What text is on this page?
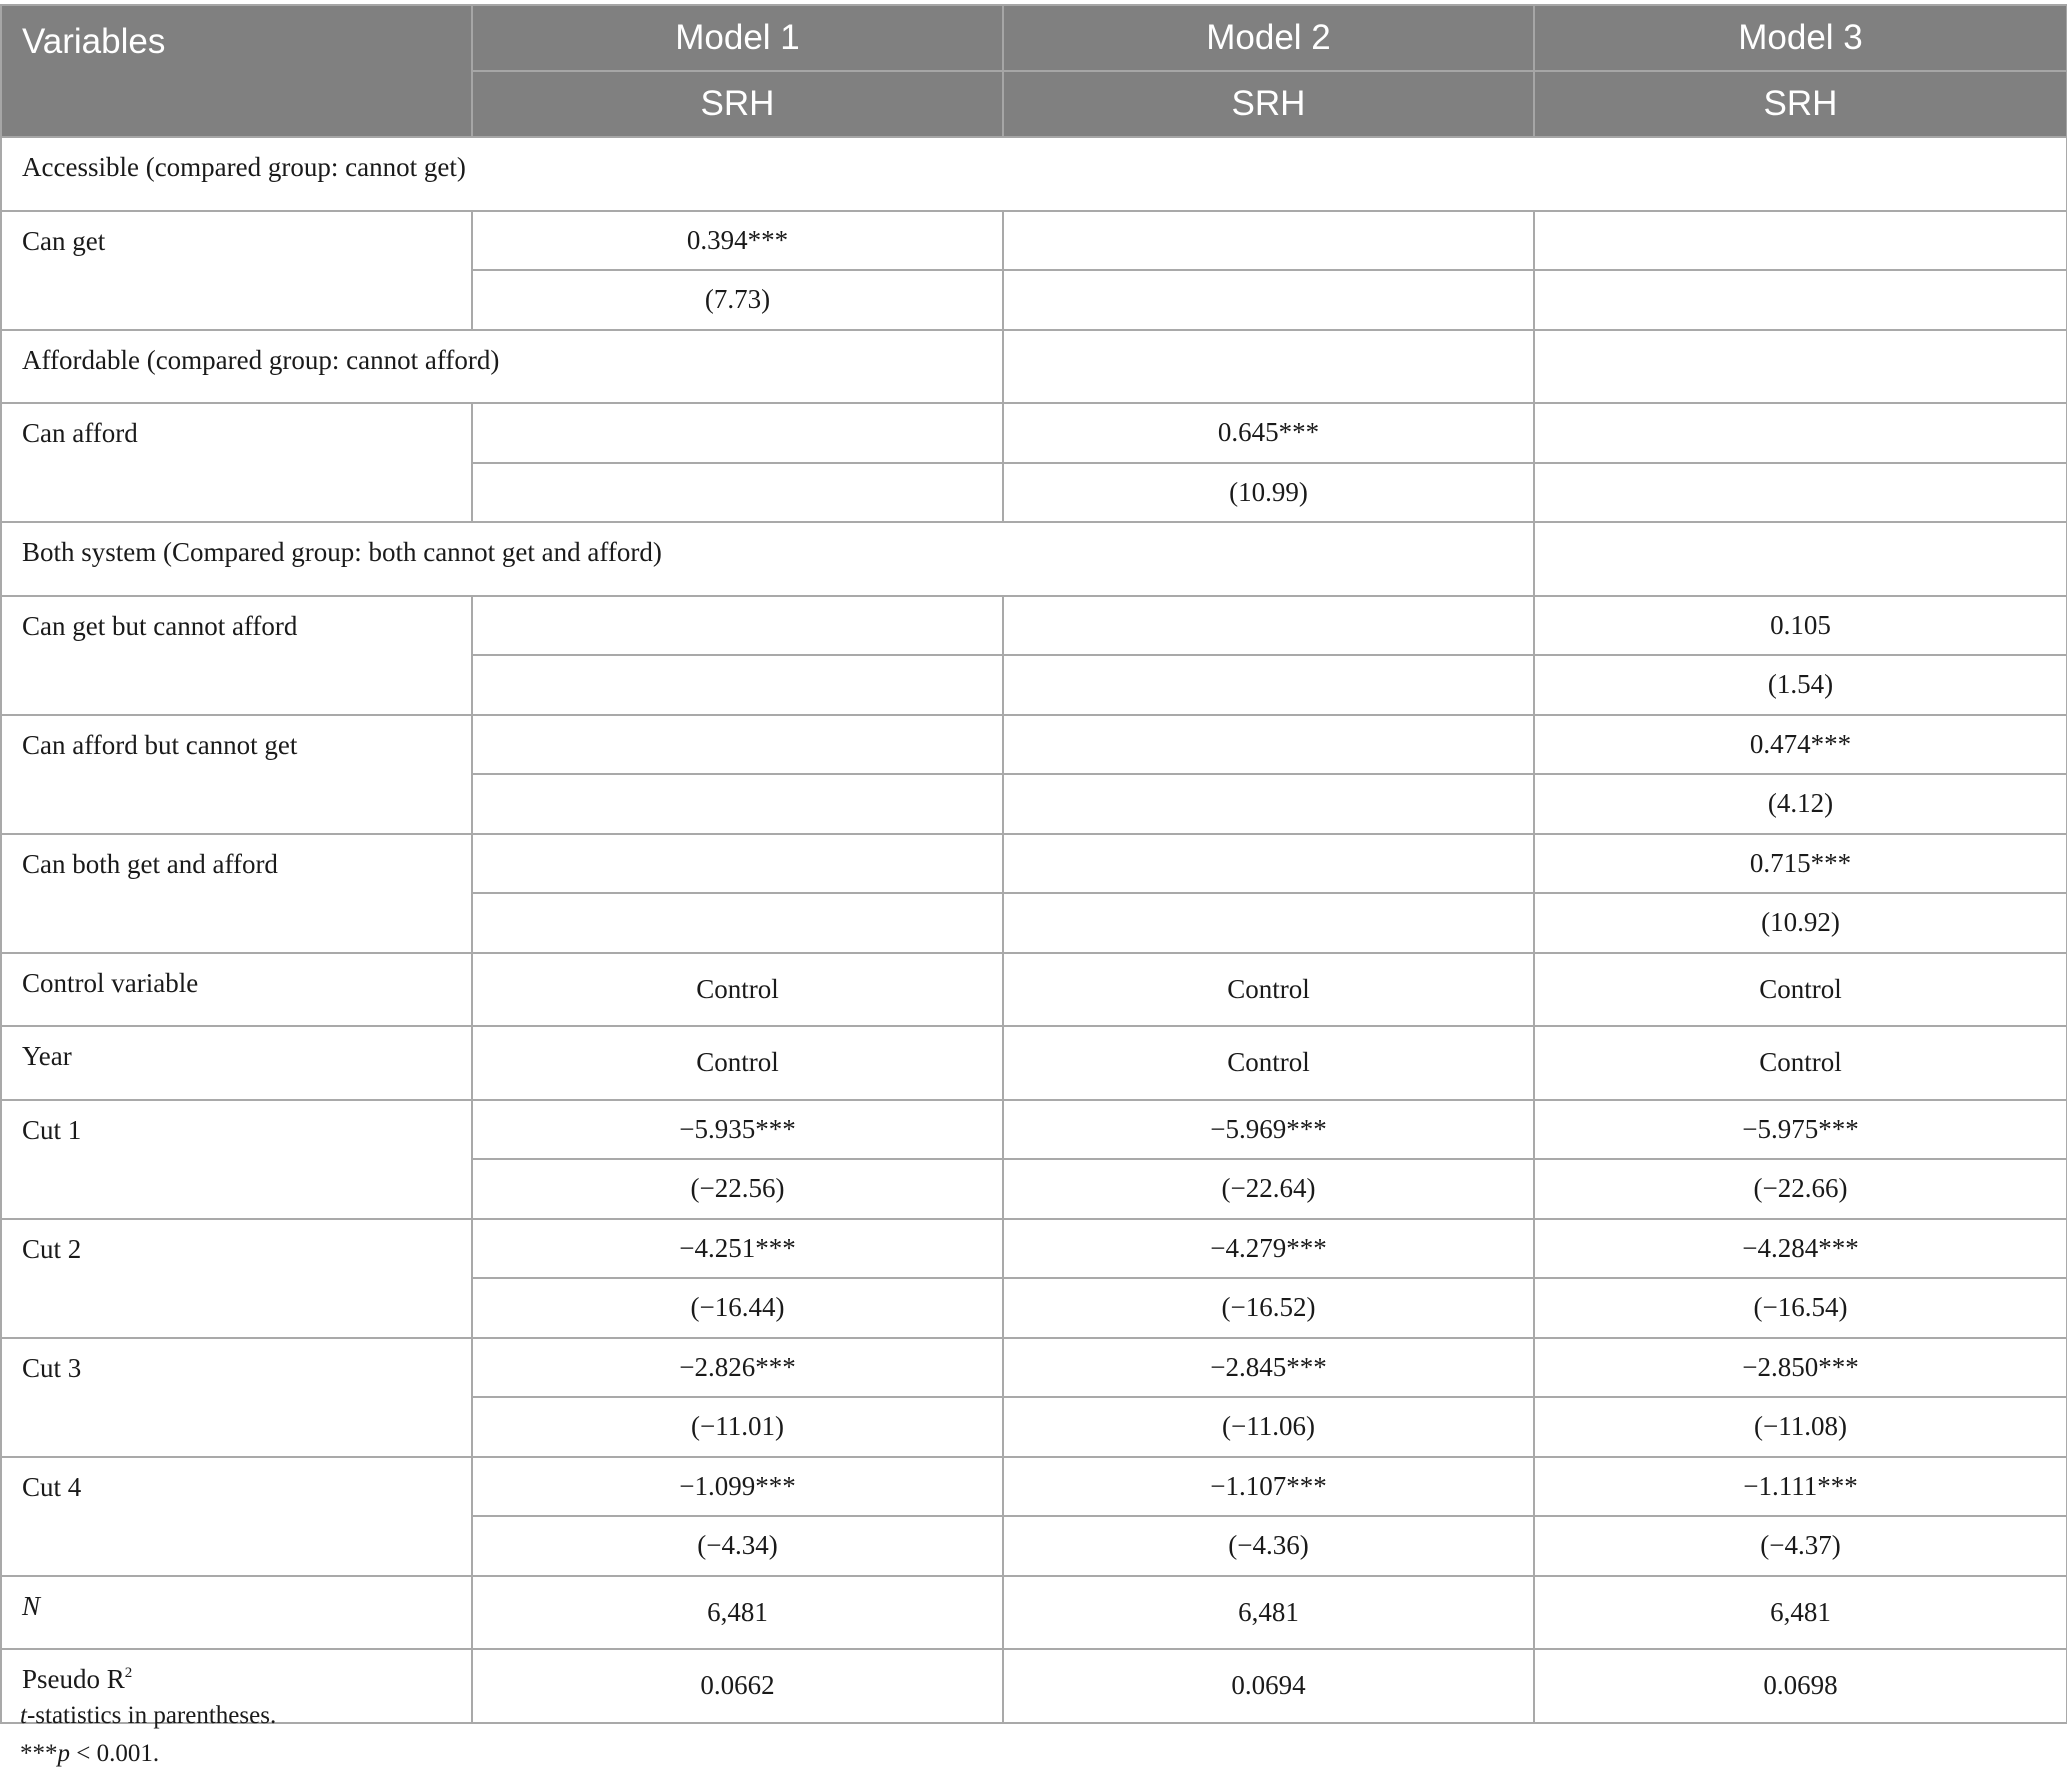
Variables	Model 1	Model 2	Model 3
	SRH	SRH	SRH
Accessible (compared group: cannot get)			
Can get	0.394***		
	(7.73)		
Affordable (compared group: cannot afford)			
Can afford		0.645***	
		(10.99)	
Both system (Compared group: both cannot get and afford)			
Can get but cannot afford			0.105
			(1.54)
Can afford but cannot get			0.474***
			(4.12)
Can both get and afford			0.715***
			(10.92)
Control variable	Control	Control	Control
Year	Control	Control	Control
Cut 1	−5.935***	−5.969***	−5.975***
	(−22.56)	(−22.64)	(−22.66)
Cut 2	−4.251***	−4.279***	−4.284***
	(−16.44)	(−16.52)	(−16.54)
Cut 3	−2.826***	−2.845***	−2.850***
	(−11.01)	(−11.06)	(−11.08)
Cut 4	−1.099***	−1.107***	−1.111***
	(−4.34)	(−4.36)	(−4.37)
N	6,481	6,481	6,481
Pseudo $R^2$	0.0662	0.0694	0.0698

t-statistics in parentheses.

***p < 0.001.
